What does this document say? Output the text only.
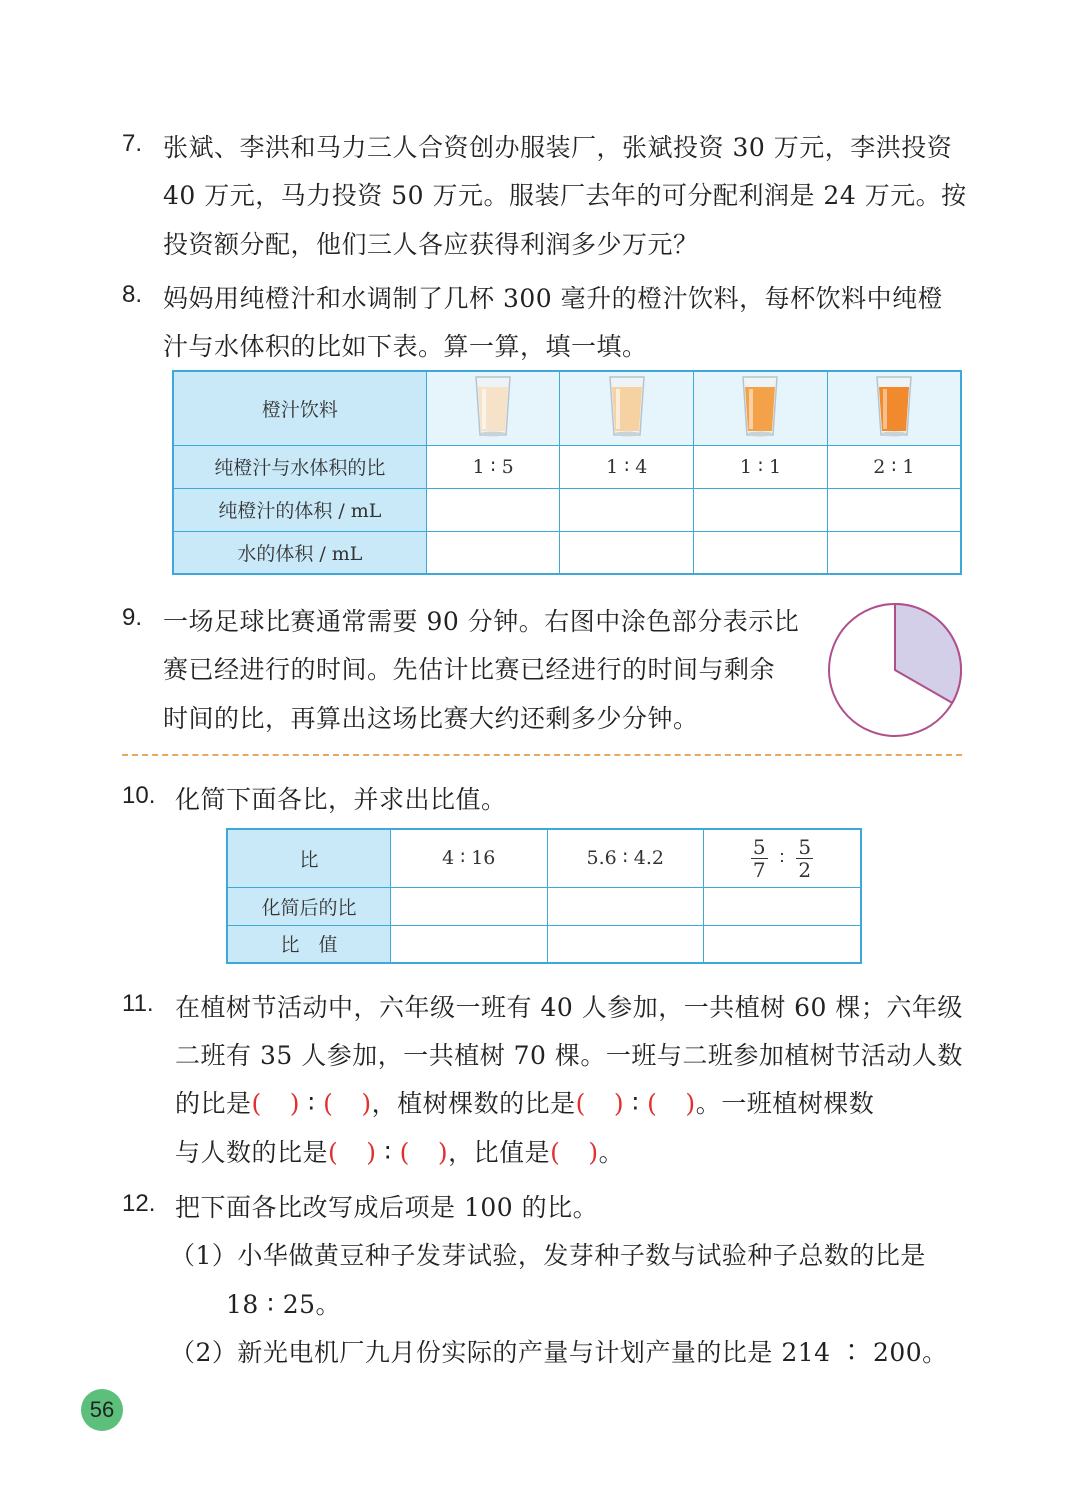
7. 张斌、李洪和马力三人合资创办服装厂，张斌投资 30 万元，李洪投资
40 万元，马力投资 50 万元。服装厂去年的可分配利润是 24 万元。按
投资额分配，他们三人各应获得利润多少万元？
8. 妈妈用纯橙汁和水调制了几杯 300 毫升的橙汁饮料，每杯饮料中纯橙
汁与水体积的比如下表。算一算，填一填。
橙汁饮料				
纯橙汁与水体积的比	1 ∶ 5	1 ∶ 4	1 ∶ 1	2 ∶ 1
纯橙汁的体积 / mL				
水的体积 / mL				
9. 一场足球比赛通常需要 90 分钟。右图中涂色部分表示比
赛已经进行的时间。先估计比赛已经进行的时间与剩余
时间的比，再算出这场比赛大约还剩多少分钟。
10. 化简下面各比，并求出比值。
比	4 ∶ 16	5.6 ∶ 4.2	$\frac{5}{7}$ ∶ $\frac{5}{2}$

化简后的比			
比　值			
11. 在植树节活动中，六年级一班有 40 人参加，一共植树 60 棵；六年级
二班有 35 人参加，一共植树 70 棵。一班与二班参加植树节活动人数
的比是( ) ∶ ( )，植树棵数的比是( ) ∶ ( )。一班植树棵数
与人数的比是( ) ∶ ( )，比值是( )。
12. 把下面各比改写成后项是 100 的比。
（1）小华做黄豆种子发芽试验，发芽种子数与试验种子总数的比是
18 ∶ 25。
（2）新光电机厂九月份实际的产量与计划产量的比是 214 ∶ 200。
56
